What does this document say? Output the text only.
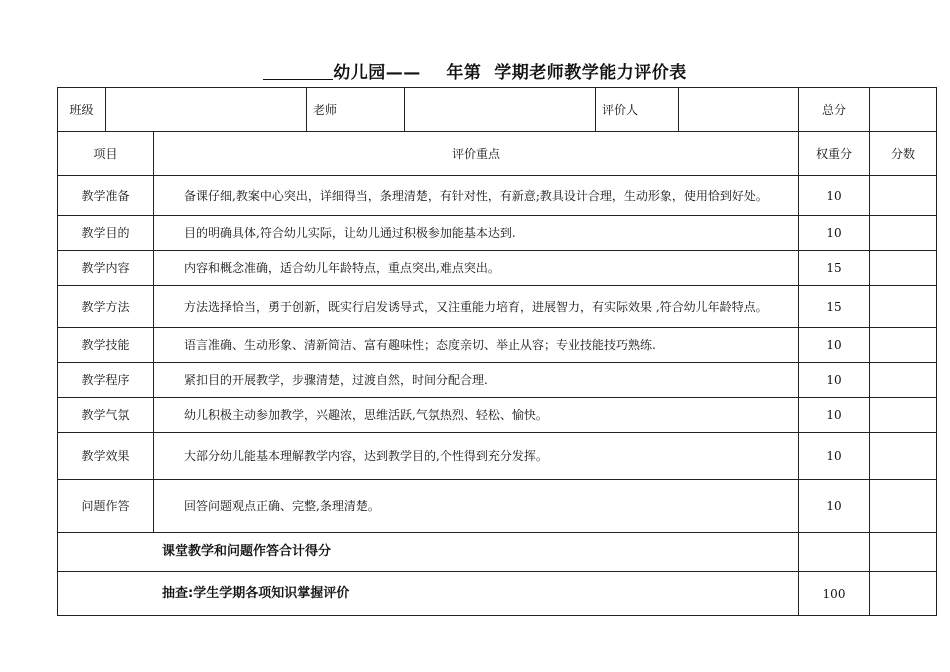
幼儿园—— 年第 学期老师教学能力评价表
班级			老师		评价人		总分	
项目		评价重点					权重分	分数
教学准备		备课仔细,教案中心突出，详细得当，条理清楚，有针对性，有新意;教具设计合理，生动形象，使用恰到好处。					10	
教学目的		目的明确具体,符合幼儿实际，让幼儿通过积极参加能基本达到.					10	
教学内容		内容和概念准确，适合幼儿年龄特点，重点突出,难点突出。					15	
教学方法		方法选择恰当，勇于创新，既实行启发诱导式，又注重能力培育，进展智力，有实际效果 ,符合幼儿年龄特点。					15	
教学技能		语言准确、生动形象、清新简洁、富有趣味性；态度亲切、举止从容；专业技能技巧熟练.					10	
教学程序		紧扣目的开展教学，步骤清楚，过渡自然，时间分配合理.					10	
教学气氛		幼儿积极主动参加教学，兴趣浓，思维活跃,气氛热烈、轻松、愉快。					10	
教学效果		大部分幼儿能基本理解教学内容，达到教学目的,个性得到充分发挥。					10	
问题作答		回答问题观点正确、完整,条理清楚。					10	
课堂教学和问题作答合计得分								
抽查:学生学期各项知识掌握评价							100	
